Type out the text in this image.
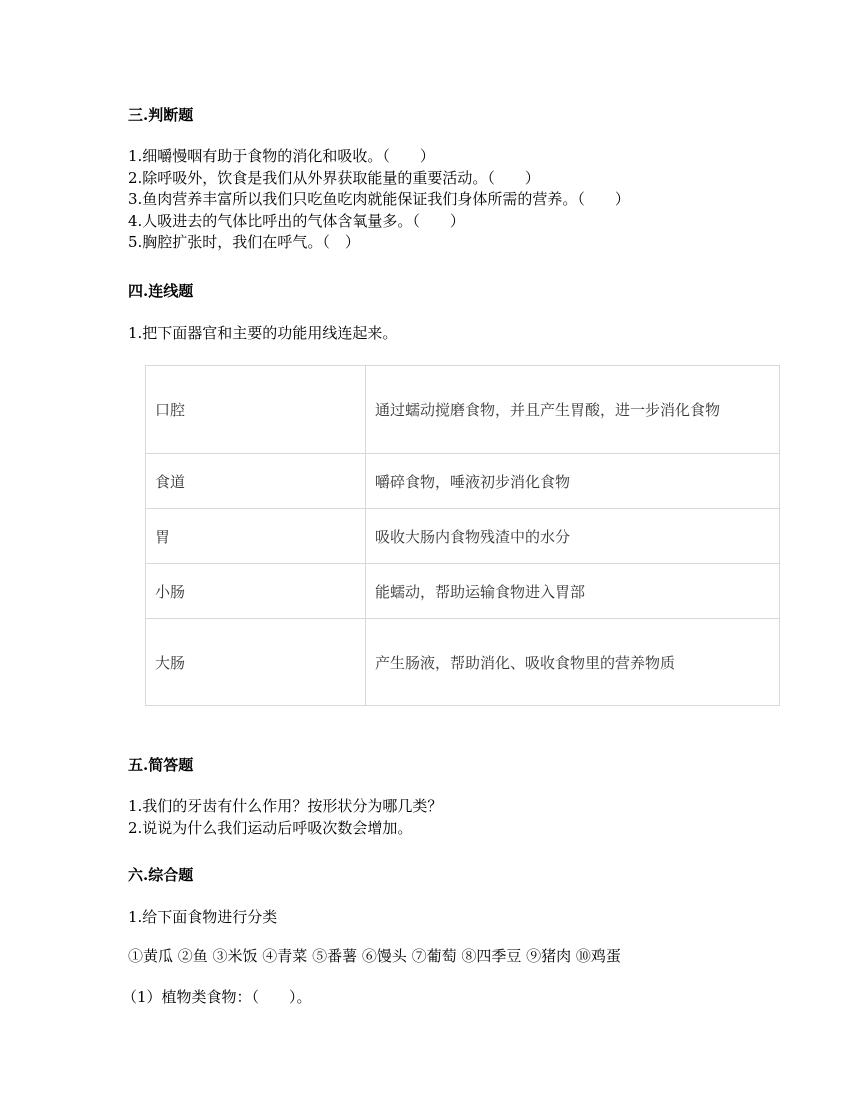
三.判断题
1.细嚼慢咽有助于食物的消化和吸收。（　　）
2.除呼吸外，饮食是我们从外界获取能量的重要活动。（　　）
3.鱼肉营养丰富所以我们只吃鱼吃肉就能保证我们身体所需的营养。（　　）
4.人吸进去的气体比呼出的气体含氧量多。（　　）
5.胸腔扩张时，我们在呼气。（　）
四.连线题
1.把下面器官和主要的功能用线连起来。
口腔	通过蠕动搅磨食物，并且产生胃酸，进一步消化食物
食道	嚼碎食物，唾液初步消化食物
胃	吸收大肠内食物残渣中的水分
小肠	能蠕动，帮助运输食物进入胃部
大肠	产生肠液，帮助消化、吸收食物里的营养物质
五.简答题
1.我们的牙齿有什么作用？按形状分为哪几类？
2.说说为什么我们运动后呼吸次数会增加。
六.综合题
1.给下面食物进行分类
①黄瓜 ②鱼 ③米饭 ④青菜 ⑤番薯 ⑥馒头 ⑦葡萄 ⑧四季豆 ⑨猪肉 ⑩鸡蛋
（1）植物类食物：（　　）。
